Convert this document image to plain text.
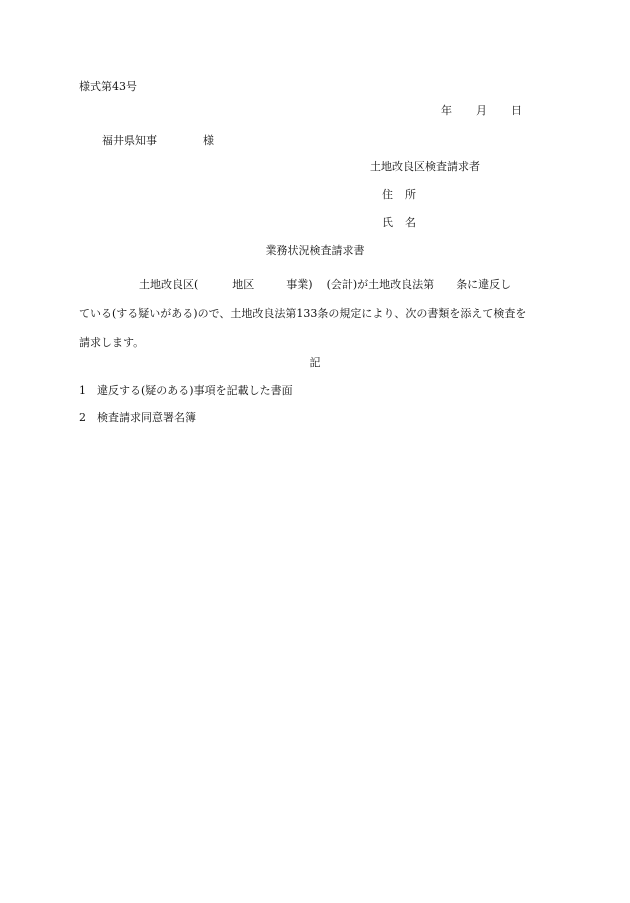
様式第43号
年 月 日
福井県知事	様
土地改良区検査請求者
住 所
氏 名
業務状況検査請求書
土地改良区(	地区	事業) (会計)が土地改良法第 条に違反し
ている(する疑いがある)ので、土地改良法第133条の規定により、次の書類を添えて検査を
請求します。
記
1 違反する(疑のある)事項を記載した書面
2 検査請求同意署名簿
